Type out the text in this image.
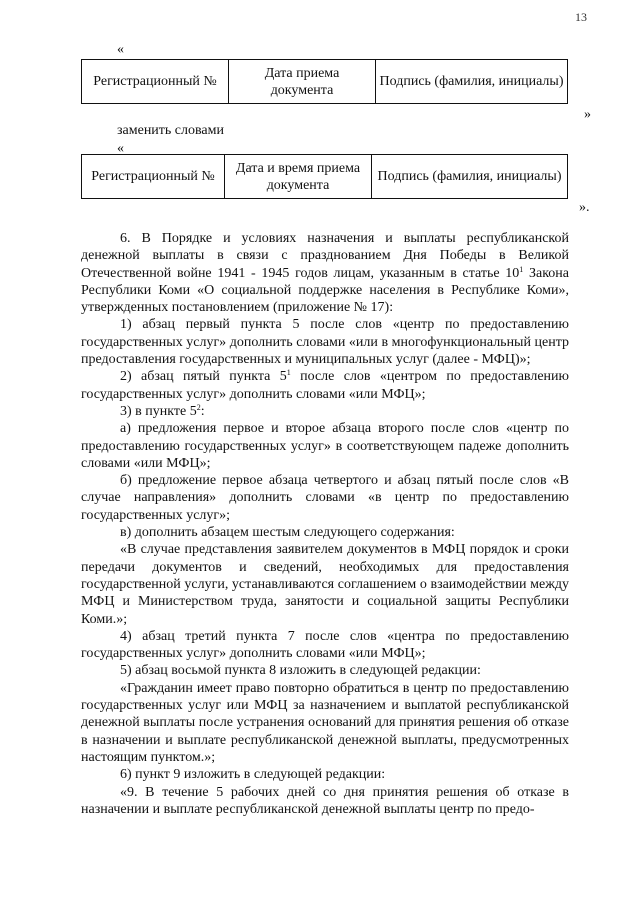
13
«
Регистрационный №	Дата приема документа	Подпись (фамилия, инициалы)
»
заменить словами
«
Регистрационный №	Дата и время приема документа	Подпись (фамилия, инициалы)
».

6. В Порядке и условиях назначения и выплаты республиканской денежной выплаты в связи с празднованием Дня Победы в Великой Отечественной войне 1941 - 1945 годов лицам, указанным в статье $10^1$ Закона Республики Коми «О социальной поддержке населения в Республике Коми», утвержденных постановлением (приложение № 17):

1) абзац первый пункта 5 после слов «центр по предоставлению государственных услуг» дополнить словами «или в многофункциональный центр предоставления государственных и муниципальных услуг (далее - МФЦ)»;

2) абзац пятый пункта $5^1$ после слов «центром по предоставлению государственных услуг» дополнить словами «или МФЦ»;

3) в пункте $5^2$:

а) предложения первое и второе абзаца второго после слов «центр по предоставлению государственных услуг» в соответствующем падеже дополнить словами «или МФЦ»;

б) предложение первое абзаца четвертого и абзац пятый после слов «В случае направления» дополнить словами «в центр по предоставлению государственных услуг»;

в) дополнить абзацем шестым следующего содержания:

«В случае представления заявителем документов в МФЦ порядок и сроки передачи документов и сведений, необходимых для предоставления государственной услуги, устанавливаются соглашением о взаимодействии между МФЦ и Министерством труда, занятости и социальной защиты Республики Коми.»;

4) абзац третий пункта 7 после слов «центра по предоставлению государственных услуг» дополнить словами «или МФЦ»;

5) абзац восьмой пункта 8 изложить в следующей редакции:

«Гражданин имеет право повторно обратиться в центр по предоставлению государственных услуг или МФЦ за назначением и выплатой республиканской денежной выплаты после устранения оснований для принятия решения об отказе в назначении и выплате республиканской денежной выплаты, предусмотренных настоящим пунктом.»;

6) пункт 9 изложить в следующей редакции:

«9. В течение 5 рабочих дней со дня принятия решения об отказе в назначении и выплате республиканской денежной выплаты центр по предо-
